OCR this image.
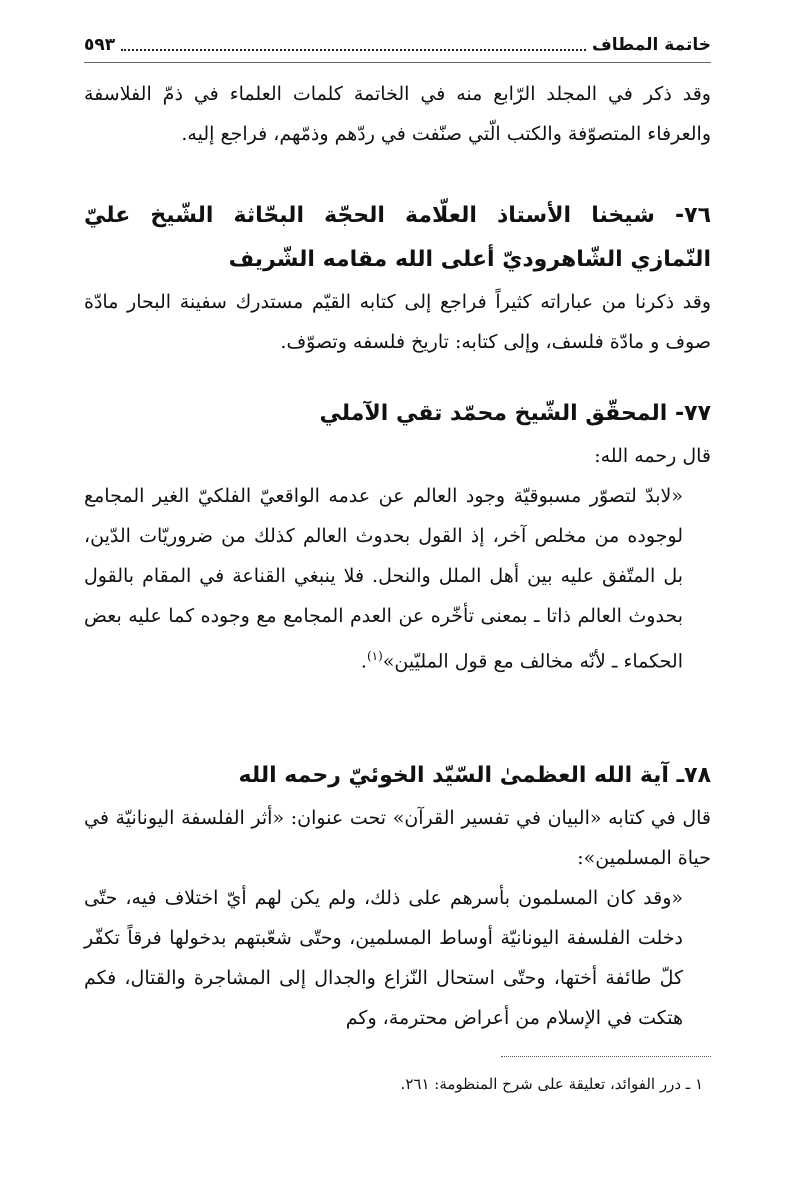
خاتمة المطاف
٥٩٣

وقد ذكر في المجلد الرّابع منه في الخاتمة كلمات العلماء في ذمّ الفلاسفة والعرفاء المتصوّفة والكتب الّتي صنّفت في ردّهم وذمّهم، فراجع إليه.

٧٦- شيخنا الأستاذ العلّامة الحجّة البحّاثة الشّيخ عليّ النّمازي الشّاهروديّ أعلى الله مقامه الشّريف

وقد ذكرنا من عباراته كثيراً فراجع إلى كتابه القيّم مستدرك سفينة البحار مادّة صوف و مادّة فلسف، وإلى كتابه: تاريخ فلسفه وتصوّف.

٧٧- المحقّق الشّيخ محمّد تقي الآملي

قال رحمه الله:

«لابدّ لتصوّر مسبوقيّة وجود العالم عن عدمه الواقعيّ الفلكيّ الغير المجامع لوجوده من مخلص آخر، إذ القول بحدوث العالم كذلك من ضروريّات الدّين، بل المتّفق عليه بين أهل الملل والنحل. فلا ينبغي القناعة في المقام بالقول بحدوث العالم ذاتا ـ بمعنى تأخّره عن العدم المجامع مع وجوده كما عليه بعض الحكماء ـ لأنّه مخالف مع قول المليّين»$^{(١)}$.

٧٨ـ آية الله العظمىٰ السّيّد الخوئيّ رحمه الله

قال في كتابه «البيان في تفسير القرآن» تحت عنوان: «أثر الفلسفة اليونانيّة في حياة المسلمين»:

«وقد كان المسلمون بأسرهم على ذلك، ولم يكن لهم أيّ اختلاف فيه، حتّى دخلت الفلسفة اليونانيّة أوساط المسلمين، وحتّى شعّبتهم بدخولها فرقاً تكفّر كلّ طائفة أختها، وحتّى استحال النّزاع والجدال إلى المشاجرة والقتال، فكم هتكت في الإسلام من أعراض محترمة، وكم

١ ـ درر الفوائد، تعليقة على شرح المنظومة: ٢٦١.
